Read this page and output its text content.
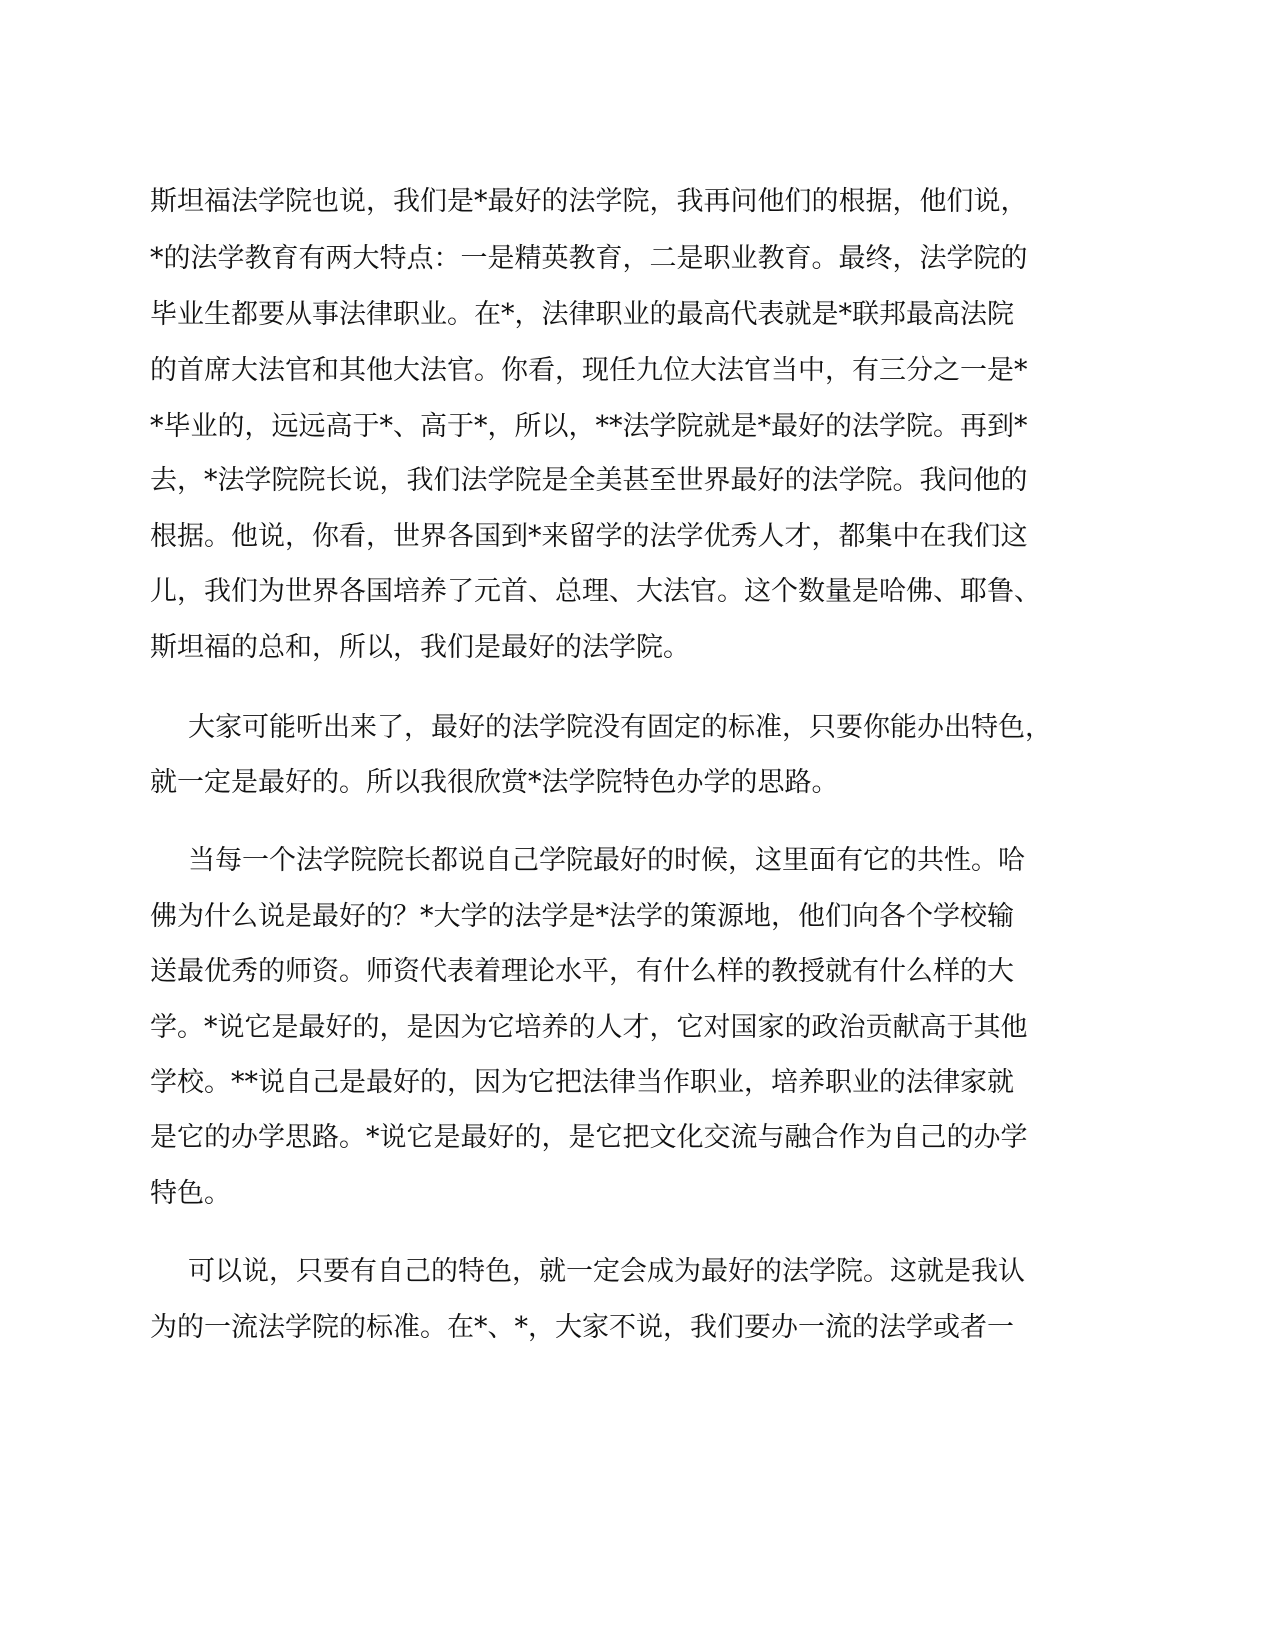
斯坦福法学院也说，我们是*最好的法学院，我再问他们的根据，他们说，

*的法学教育有两大特点：一是精英教育，二是职业教育。最终，法学院的

毕业生都要从事法律职业。在*，法律职业的最高代表就是*联邦最高法院

的首席大法官和其他大法官。你看，现任九位大法官当中，有三分之一是*

*毕业的，远远高于*、高于*，所以，**法学院就是*最好的法学院。再到*

去，*法学院院长说，我们法学院是全美甚至世界最好的法学院。我问他的

根据。他说，你看，世界各国到*来留学的法学优秀人才，都集中在我们这

儿，我们为世界各国培养了元首、总理、大法官。这个数量是哈佛、耶鲁、

斯坦福的总和，所以，我们是最好的法学院。

大家可能听出来了，最好的法学院没有固定的标准，只要你能办出特色，

就一定是最好的。所以我很欣赏*法学院特色办学的思路。

当每一个法学院院长都说自己学院最好的时候，这里面有它的共性。哈

佛为什么说是最好的？*大学的法学是*法学的策源地，他们向各个学校输

送最优秀的师资。师资代表着理论水平，有什么样的教授就有什么样的大

学。*说它是最好的，是因为它培养的人才，它对国家的政治贡献高于其他

学校。**说自己是最好的，因为它把法律当作职业，培养职业的法律家就

是它的办学思路。*说它是最好的，是它把文化交流与融合作为自己的办学

特色。

可以说，只要有自己的特色，就一定会成为最好的法学院。这就是我认

为的一流法学院的标准。在*、*，大家不说，我们要办一流的法学或者一
